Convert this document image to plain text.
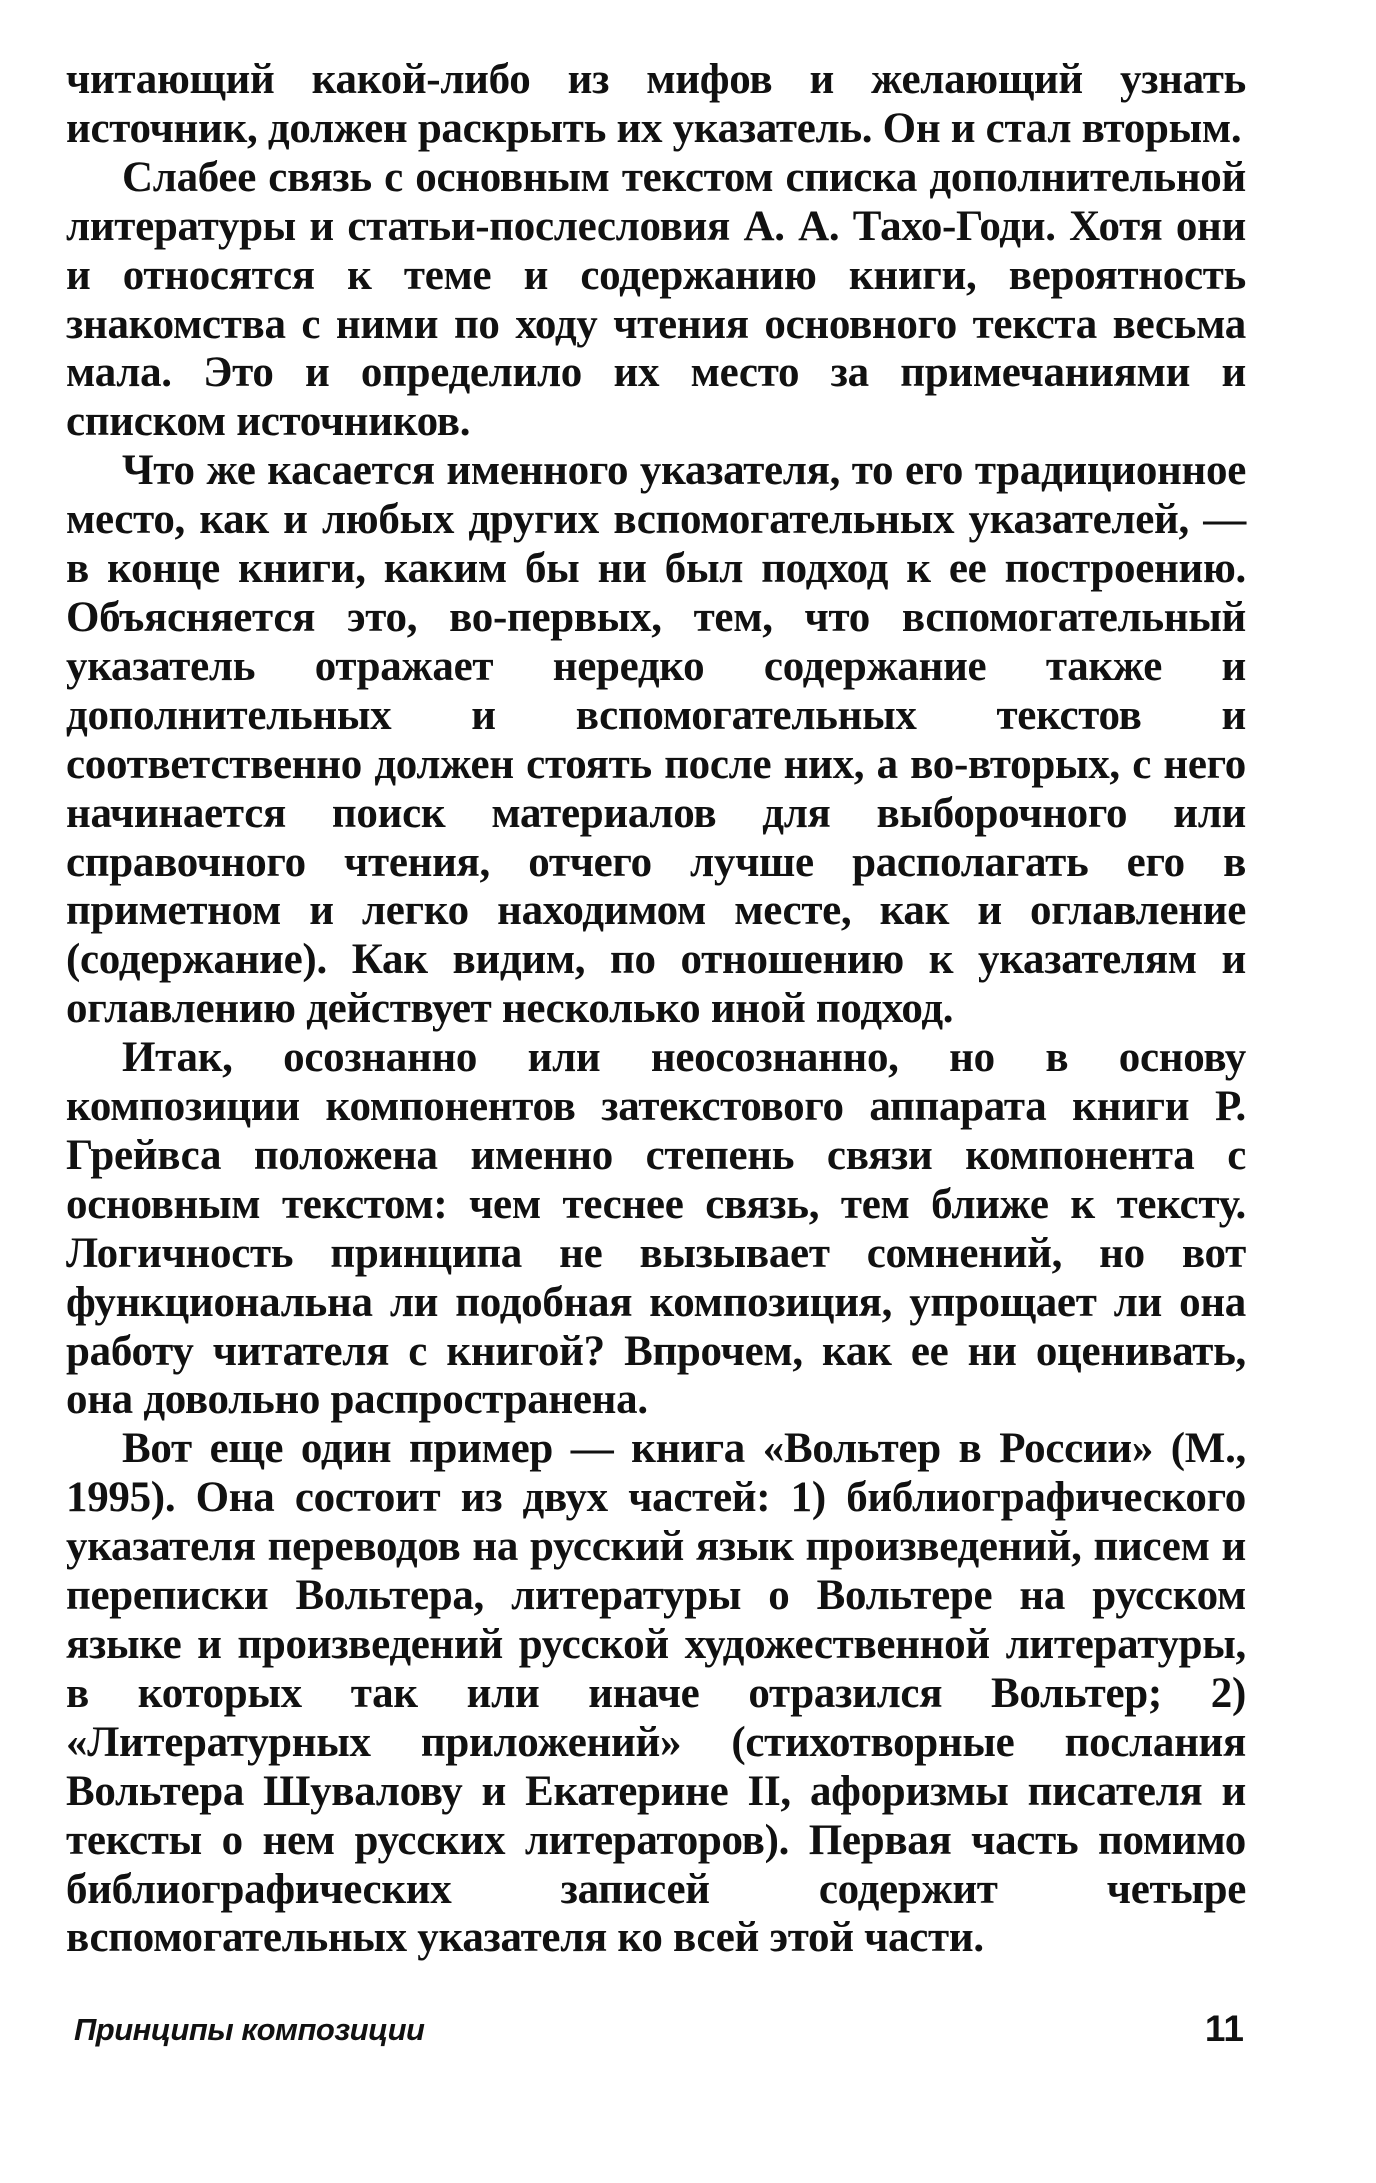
читающий какой-либо из мифов и желающий узнать источник, должен раскрыть их указатель. Он и стал вторым.

Слабее связь с основным текстом списка дополнительной литературы и статьи-послесловия А. А. Тахо-Годи. Хотя они и относятся к теме и содержанию книги, вероятность знакомства с ними по ходу чтения основного текста весьма мала. Это и определило их место за примечаниями и списком источников.

Что же касается именного указателя, то его традиционное место, как и любых других вспомогательных указателей, — в конце книги, каким бы ни был подход к ее построению. Объясняется это, во-первых, тем, что вспомогательный указатель отражает нередко содержание также и дополнительных и вспомогательных текстов и соответственно должен стоять после них, а во-вторых, с него начинается поиск материалов для выборочного или справочного чтения, отчего лучше располагать его в приметном и легко находимом месте, как и оглавление (содержание). Как видим, по отношению к указателям и оглавлению действует несколько иной подход.

Итак, осознанно или неосознанно, но в основу композиции компонентов затекстового аппарата книги Р. Грейвса положена именно степень связи компонента с основным текстом: чем теснее связь, тем ближе к тексту. Логичность принципа не вызывает сомнений, но вот функциональна ли подобная композиция, упрощает ли она работу читателя с книгой? Впрочем, как ее ни оценивать, она довольно распространена.

Вот еще один пример — книга «Вольтер в России» (М., 1995). Она состоит из двух частей: 1) библиографического указателя переводов на русский язык произведений, писем и переписки Вольтера, литературы о Вольтере на русском языке и произведений русской художественной литературы, в которых так или иначе отразился Вольтер; 2) «Литературных приложений» (стихотворные послания Вольтера Шувалову и Екатерине II, афоризмы писателя и тексты о нем русских литераторов). Первая часть помимо библиографических записей содержит четыре вспомогательных указателя ко всей этой части.

Принципы композиции	11
